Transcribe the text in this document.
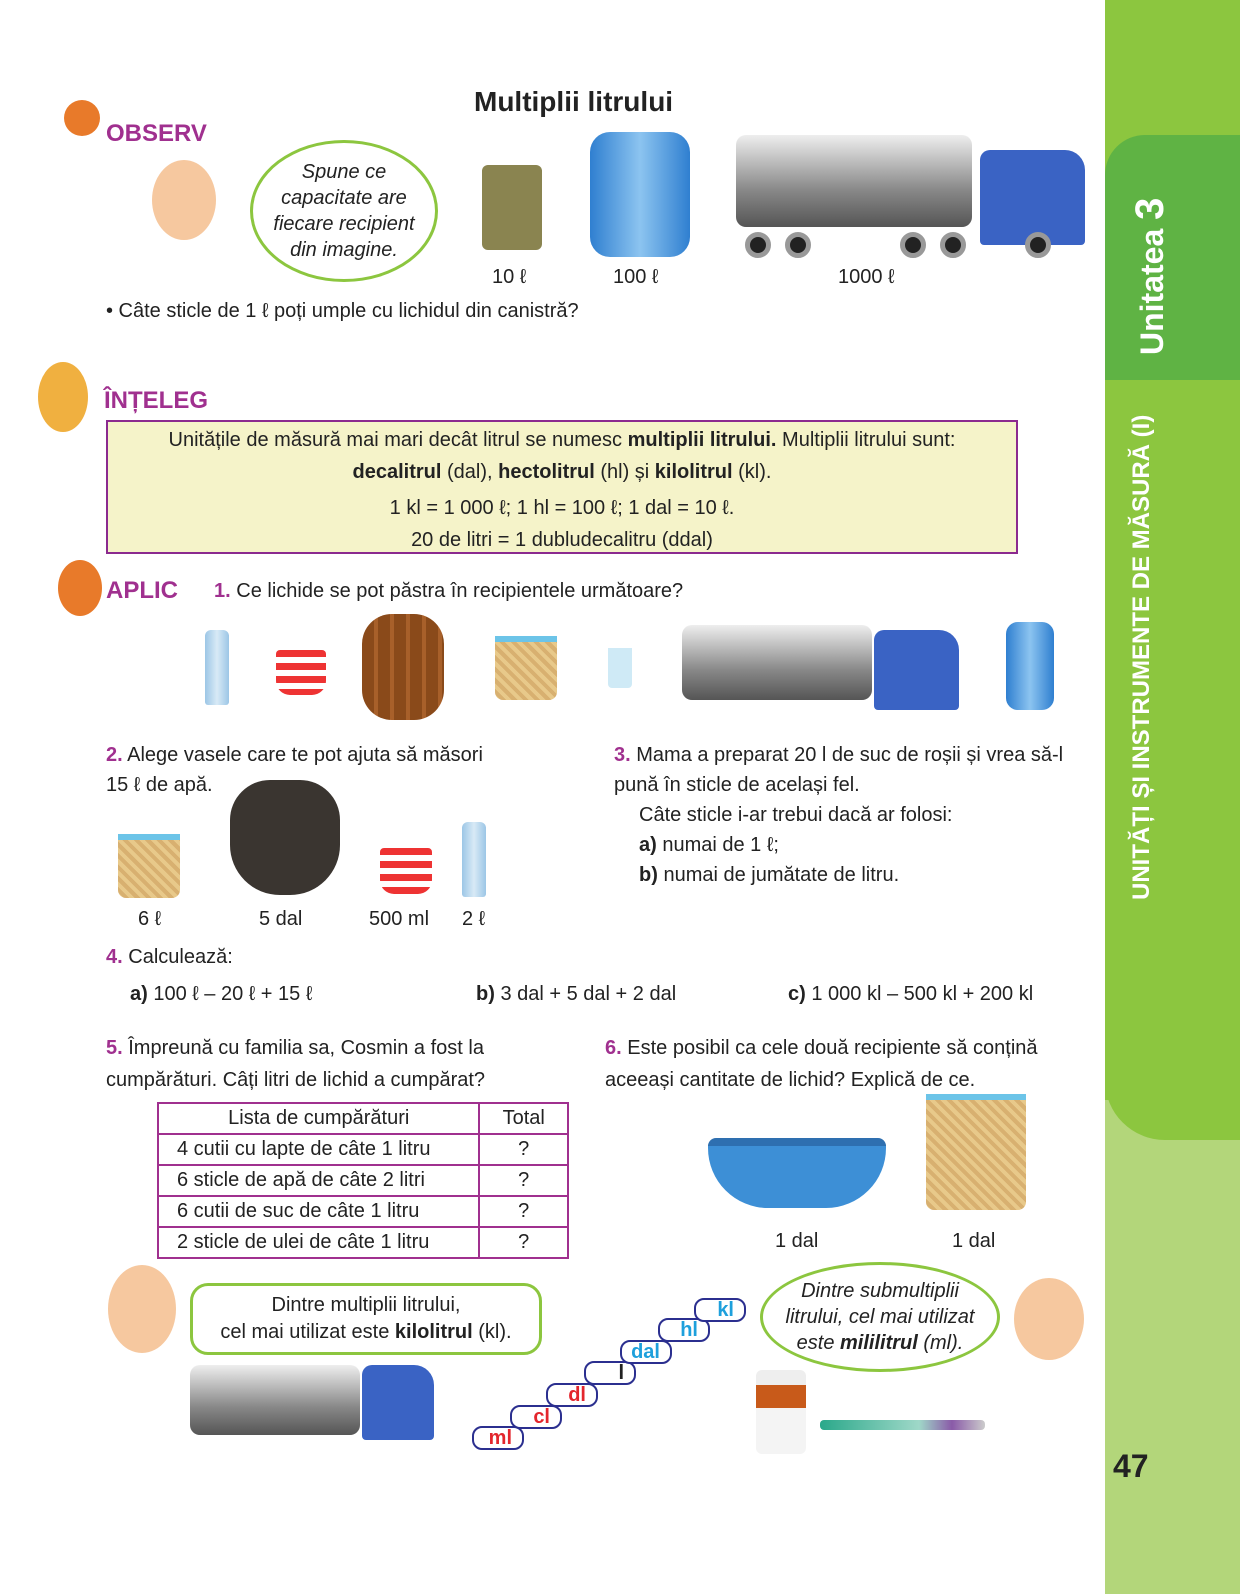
Unitatea 3
UNITĂȚI ȘI INSTRUMENTE DE MĂSURĂ (I)
47
Multiplii litrului
OBSERV
Spune ce capacitate are fiecare recipient din imagine.
10 ℓ	100 ℓ	1000 ℓ
• Câte sticle de 1 ℓ poți umple cu lichidul din canistră?
ÎNȚELEG
Unitățile de măsură mai mari decât litrul se numesc multiplii litrului. Multiplii litrului sunt:
decalitrul (dal), hectolitrul (hl) și kilolitrul (kl).
1 kl = 1 000 ℓ; 1 hl = 100 ℓ; 1 dal = 10 ℓ.
20 de litri = 1 dubludecalitru (ddal)
APLIC 1. Ce lichide se pot păstra în recipientele următoare?
2. Alege vasele care te pot ajuta să măsori
15 ℓ de apă.
6 ℓ	5 dal	500 ml 2 ℓ
3. Mama a preparat 20 l de suc de roșii și vrea să-l
pună în sticle de același fel.
Câte sticle i-ar trebui dacă ar folosi:
a) numai de 1 ℓ;
b) numai de jumătate de litru.
4. Calculează:
a) 100 ℓ – 20 ℓ + 15 ℓ	b) 3 dal + 5 dal + 2 dal	c) 1 000 kl – 500 kl + 200 kl
5. Împreună cu familia sa, Cosmin a fost la
cumpărături. Câți litri de lichid a cumpărat?
Lista de cumpărături	Total
4 cutii cu lapte de câte 1 litru	?
6 sticle de apă de câte 2 litri	?
6 cutii de suc de câte 1 litru	?
2 sticle de ulei de câte 1 litru	?
6. Este posibil ca cele două recipiente să conțină
aceeași cantitate de lichid? Explică de ce.
1 dal	1 dal
Dintre multiplii litrului,
cel mai utilizat este kilolitrul (kl).
ml
cl
dl
l
dal
hl
kl
Dintre submultiplii
litrului, cel mai utilizat
este mililitrul (ml).
